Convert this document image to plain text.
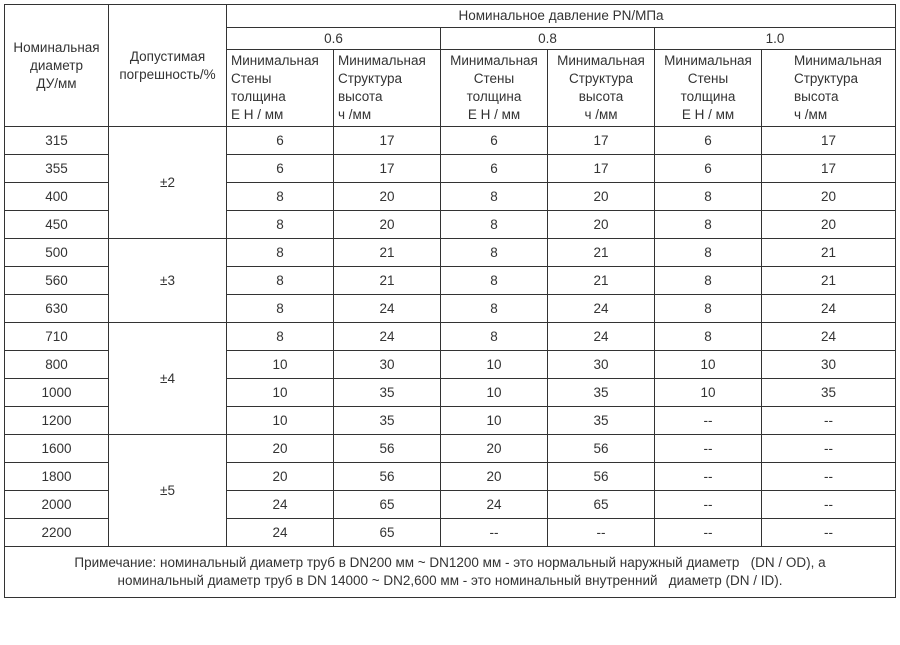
Номинальная
диаметр
ДУ/мм	Допустимая
погрешность/%	Номинальное давление PN/МПа					
		0.6		0.8		1.0	

		Минимальная
Стены
толщина
Е Н / мм	Минимальная
Структура
высота
ч /мм	Минимальная
Стены
толщина
Е Н / мм	Минимальная
Структура
высота
ч /мм	Минимальная
Стены
толщина
Е Н / мм	Минимальная
Структура
высота
ч /мм

315	±2	6	17	6	17	6	17
355		6	17	6	17	6	17
400		8	20	8	20	8	20
450		8	20	8	20	8	20
500	±3	8	21	8	21	8	21
560		8	21	8	21	8	21
630		8	24	8	24	8	24
710	±4	8	24	8	24	8	24
800		10	30	10	30	10	30
1000		10	35	10	35	10	35
1200		10	35	10	35	--	--
1600	±5	20	56	20	56	--	--
1800		20	56	20	56	--	--
2000		24	65	24	65	--	--
2200		24	65	--	--	--	--

Примечание: номинальный диаметр труб в DN200 мм ~ DN1200 мм - это нормальный наружный диаметр   (DN / OD), а
номинальный диаметр труб в DN 14000 ~ DN2,600 мм - это номинальный внутренний   диаметр (DN / ID).							
